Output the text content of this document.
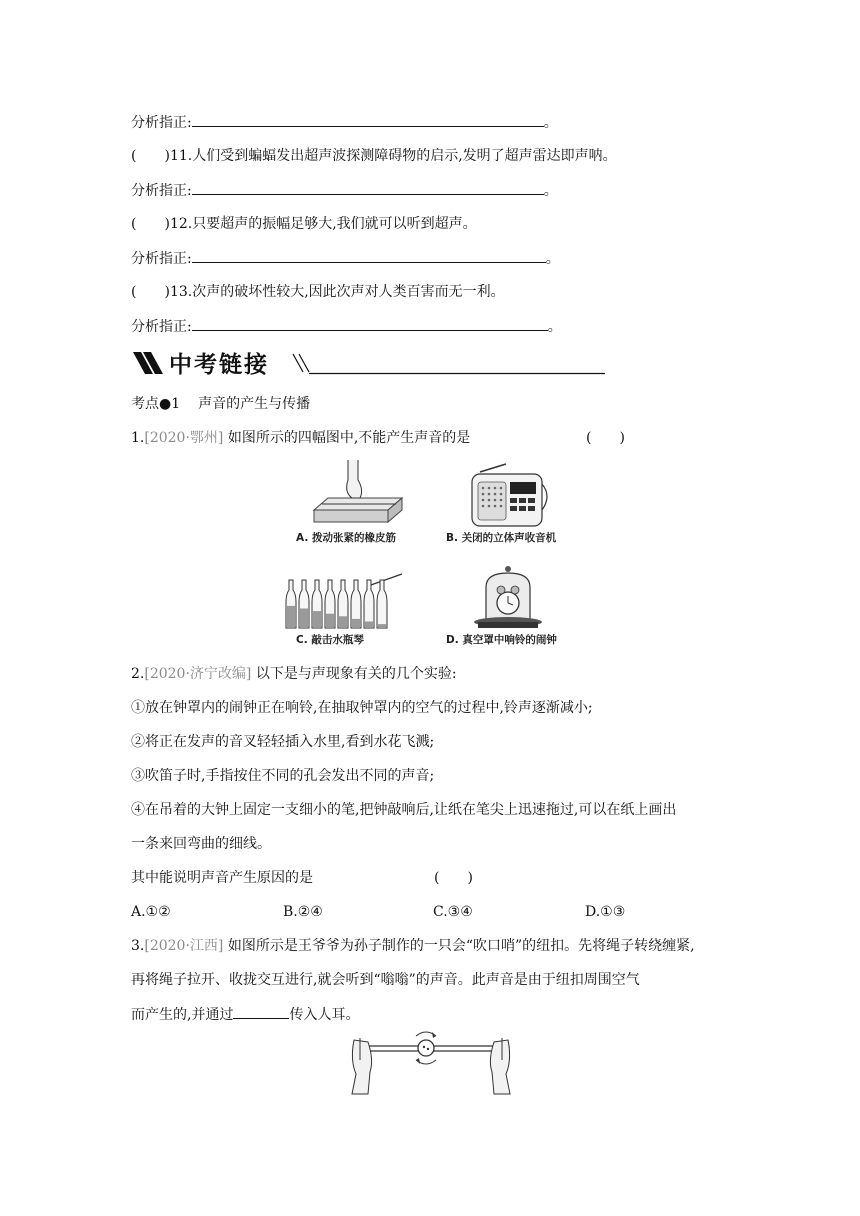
分析指正:	。
(  )11.人们受到蝙蝠发出超声波探测障碍物的启示,发明了超声雷达即声呐。
分析指正:	。
(  )12.只要超声的振幅足够大,我们就可以听到超声。
分析指正:	。
(  )13.次声的破坏性较大,因此次声对人类百害而无一利。
分析指正:	。
中考链接
考点●1 声音的产生与传播
1.[2020·鄂州] 如图所示的四幅图中,不能产生声音的是	(  )
A. 拨动张紧的橡皮筋	B. 关闭的立体声收音机
C. 敲击水瓶琴	D. 真空罩中响铃的闹钟
2.[2020·济宁改编] 以下是与声现象有关的几个实验:
①放在钟罩内的闹钟正在响铃,在抽取钟罩内的空气的过程中,铃声逐渐减小;
②将正在发声的音叉轻轻插入水里,看到水花飞溅;
③吹笛子时,手指按住不同的孔会发出不同的声音;
④在吊着的大钟上固定一支细小的笔,把钟敲响后,让纸在笔尖上迅速拖过,可以在纸上画出
一条来回弯曲的细线。
其中能说明声音产生原因的是	(  )
A.①②	B.②④	C.③④	D.①③
3.[2020·江西] 如图所示是王爷爷为孙子制作的一只会“吹口哨”的纽扣。先将绳子转绕缠紧,
再将绳子拉开、收拢交互进行,就会听到“嗡嗡”的声音。此声音是由于纽扣周围空气
而产生的,并通过	传入人耳。
